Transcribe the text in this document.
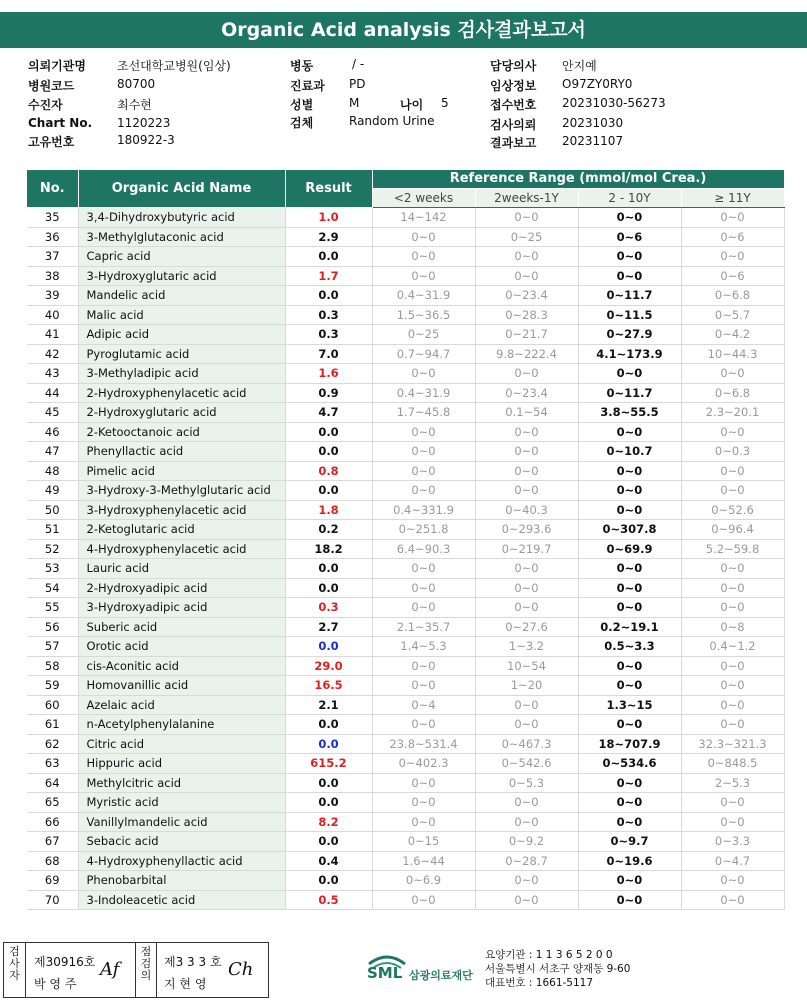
Organic Acid analysis 검사결과보고서
의뢰기관명	조선대학교병원(임상)
병원코드	80700
수진자	최수현
Chart No. 1120223
고유번호	180922-3
병동	/ -
진료과 PD
성별	M	나이 5
검체	Random Urine
담당의사 안지예
임상정보 O97ZY0RY0
접수번호 20231030-56273
검사의뢰 20231030
결과보고 20231107
No.	Organic Acid Name	Result	Reference Range (mmol/mol Crea.)			
			<2 weeks	2weeks-1Y	2 - 10Y	≥ 11Y
35	3,4-Dihydroxybutyric acid	1.0	14~142	0~0	0~0	0~0
36	3-Methylglutaconic acid	2.9	0~0	0~25	0~6	0~6
37	Capric acid	0.0	0~0	0~0	0~0	0~0
38	3-Hydroxyglutaric acid	1.7	0~0	0~0	0~0	0~6
39	Mandelic acid	0.0	0.4~31.9	0~23.4	0~11.7	0~6.8
40	Malic acid	0.3	1.5~36.5	0~28.3	0~11.5	0~5.7
41	Adipic acid	0.3	0~25	0~21.7	0~27.9	0~4.2
42	Pyroglutamic acid	7.0	0.7~94.7	9.8~222.4	4.1~173.9	10~44.3
43	3-Methyladipic acid	1.6	0~0	0~0	0~0	0~0
44	2-Hydroxyphenylacetic acid	0.9	0.4~31.9	0~23.4	0~11.7	0~6.8
45	2-Hydroxyglutaric acid	4.7	1.7~45.8	0.1~54	3.8~55.5	2.3~20.1
46	2-Ketooctanoic acid	0.0	0~0	0~0	0~0	0~0
47	Phenyllactic acid	0.0	0~0	0~0	0~10.7	0~0.3
48	Pimelic acid	0.8	0~0	0~0	0~0	0~0
49	3-Hydroxy-3-Methylglutaric acid	0.0	0~0	0~0	0~0	0~0
50	3-Hydroxyphenylacetic acid	1.8	0.4~331.9	0~40.3	0~0	0~52.6
51	2-Ketoglutaric acid	0.2	0~251.8	0~293.6	0~307.8	0~96.4
52	4-Hydroxyphenylacetic acid	18.2	6.4~90.3	0~219.7	0~69.9	5.2~59.8
53	Lauric acid	0.0	0~0	0~0	0~0	0~0
54	2-Hydroxyadipic acid	0.0	0~0	0~0	0~0	0~0
55	3-Hydroxyadipic acid	0.3	0~0	0~0	0~0	0~0
56	Suberic acid	2.7	2.1~35.7	0~27.6	0.2~19.1	0~8
57	Orotic acid	0.0	1.4~5.3	1~3.2	0.5~3.3	0.4~1.2
58	cis-Aconitic acid	29.0	0~0	10~54	0~0	0~0
59	Homovanillic acid	16.5	0~0	1~20	0~0	0~0
60	Azelaic acid	2.1	0~4	0~0	1.3~15	0~0
61	n-Acetylphenylalanine	0.0	0~0	0~0	0~0	0~0
62	Citric acid	0.0	23.8~531.4	0~467.3	18~707.9	32.3~321.3
63	Hippuric acid	615.2	0~402.3	0~542.6	0~534.6	0~848.5
64	Methylcitric acid	0.0	0~0	0~5.3	0~0	2~5.3
65	Myristic acid	0.0	0~0	0~0	0~0	0~0
66	Vanillylmandelic acid	8.2	0~0	0~0	0~0	0~0
67	Sebacic acid	0.0	0~15	0~9.2	0~9.7	0~3.3
68	4-Hydroxyphenyllactic acid	0.4	1.6~44	0~28.7	0~19.6	0~4.7
69	Phenobarbital	0.0	0~6.9	0~0	0~0	0~0
70	3-Indoleacetic acid	0.5	0~0	0~0	0~0	0~0
검사자
제30916호
박 영 주
Af
점 검 의
제3 3 3 호
지 현 영
Ch	SML 삼광의료재단
요양기관 : 1 1 3 6 5 2 0 0
서울특별시 서초구 양재동 9-60
대표번호 : 1661-5117
